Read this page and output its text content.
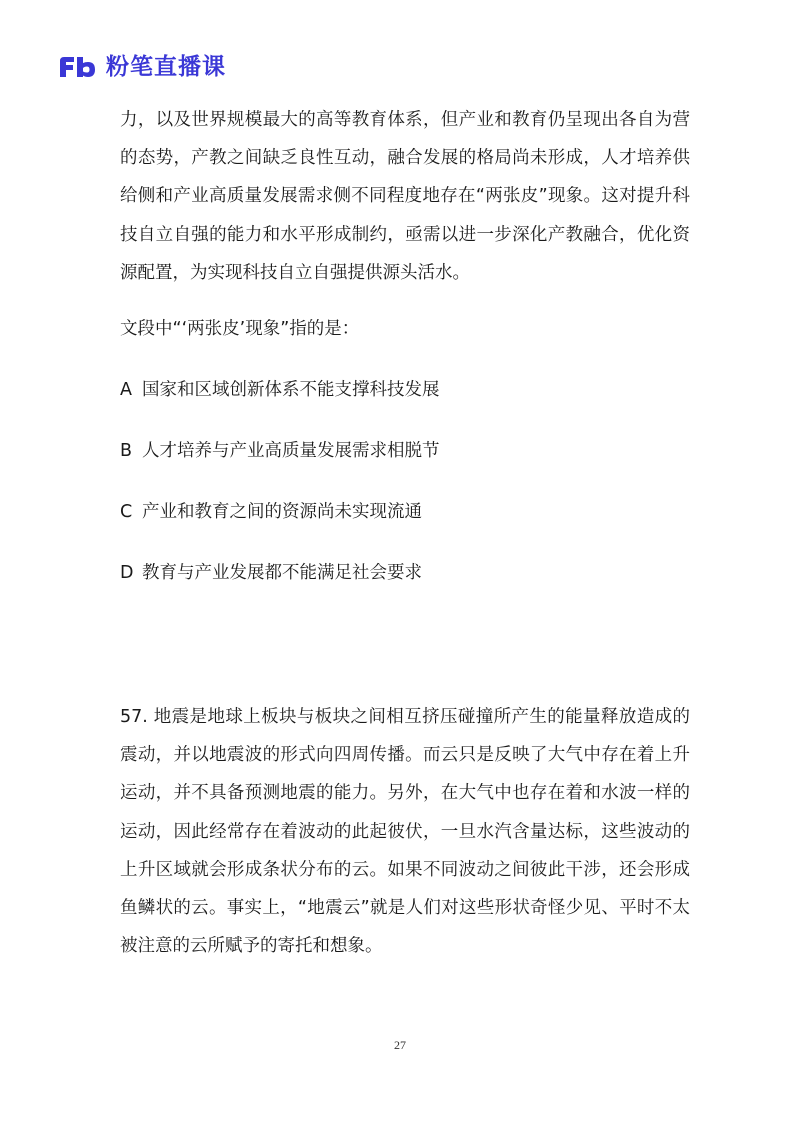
粉笔直播课

力，以及世界规模最大的高等教育体系，但产业和教育仍呈现出各自为营的态势，产教之间缺乏良性互动，融合发展的格局尚未形成，人才培养供给侧和产业高质量发展需求侧不同程度地存在“两张皮”现象。这对提升科技自立自强的能力和水平形成制约，亟需以进一步深化产教融合，优化资源配置，为实现科技自立自强提供源头活水。

文段中“‘两张皮’现象”指的是：

A 国家和区域创新体系不能支撑科技发展
B 人才培养与产业高质量发展需求相脱节
C 产业和教育之间的资源尚未实现流通
D 教育与产业发展都不能满足社会要求

57. 地震是地球上板块与板块之间相互挤压碰撞所产生的能量释放造成的震动，并以地震波的形式向四周传播。而云只是反映了大气中存在着上升运动，并不具备预测地震的能力。另外，在大气中也存在着和水波一样的运动，因此经常存在着波动的此起彼伏，一旦水汽含量达标，这些波动的上升区域就会形成条状分布的云。如果不同波动之间彼此干涉，还会形成鱼鳞状的云。事实上，“地震云”就是人们对这些形状奇怪少见、平时不太被注意的云所赋予的寄托和想象。

27
